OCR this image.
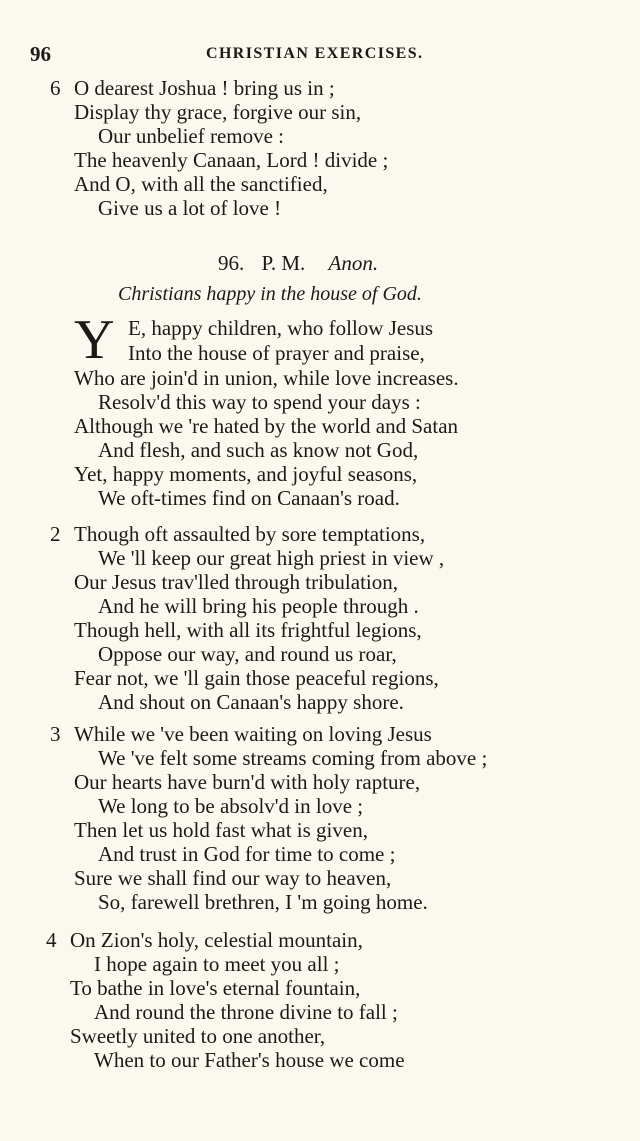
96	CHRISTIAN EXERCISES.
6 O dearest Joshua ! bring us in ;
Display thy grace, forgive our sin,
Our unbelief remove :
The heavenly Canaan, Lord ! divide ;
And O, with all the sanctified,
Give us a lot of love !
96. P. M. Anon.
Christians happy in the house of God.
Y E, happy children, who follow Jesus
Into the house of prayer and praise,
Who are join'd in union, while love increases.
Resolv'd this way to spend your days :
Although we 're hated by the world and Satan
And flesh, and such as know not God,
Yet, happy moments, and joyful seasons,
We oft-times find on Canaan's road.
2 Though oft assaulted by sore temptations,
We 'll keep our great high priest in view ,
Our Jesus trav'lled through tribulation,
And he will bring his people through .
Though hell, with all its frightful legions,
Oppose our way, and round us roar,
Fear not, we 'll gain those peaceful regions,
And shout on Canaan's happy shore.
3 While we 've been waiting on loving Jesus
We 've felt some streams coming from above ;
Our hearts have burn'd with holy rapture,
We long to be absolv'd in love ;
Then let us hold fast what is given,
And trust in God for time to come ;
Sure we shall find our way to heaven,
So, farewell brethren, I 'm going home.
4 On Zion's holy, celestial mountain,
I hope again to meet you all ;
To bathe in love's eternal fountain,
And round the throne divine to fall ;
Sweetly united to one another,
When to our Father's house we come
